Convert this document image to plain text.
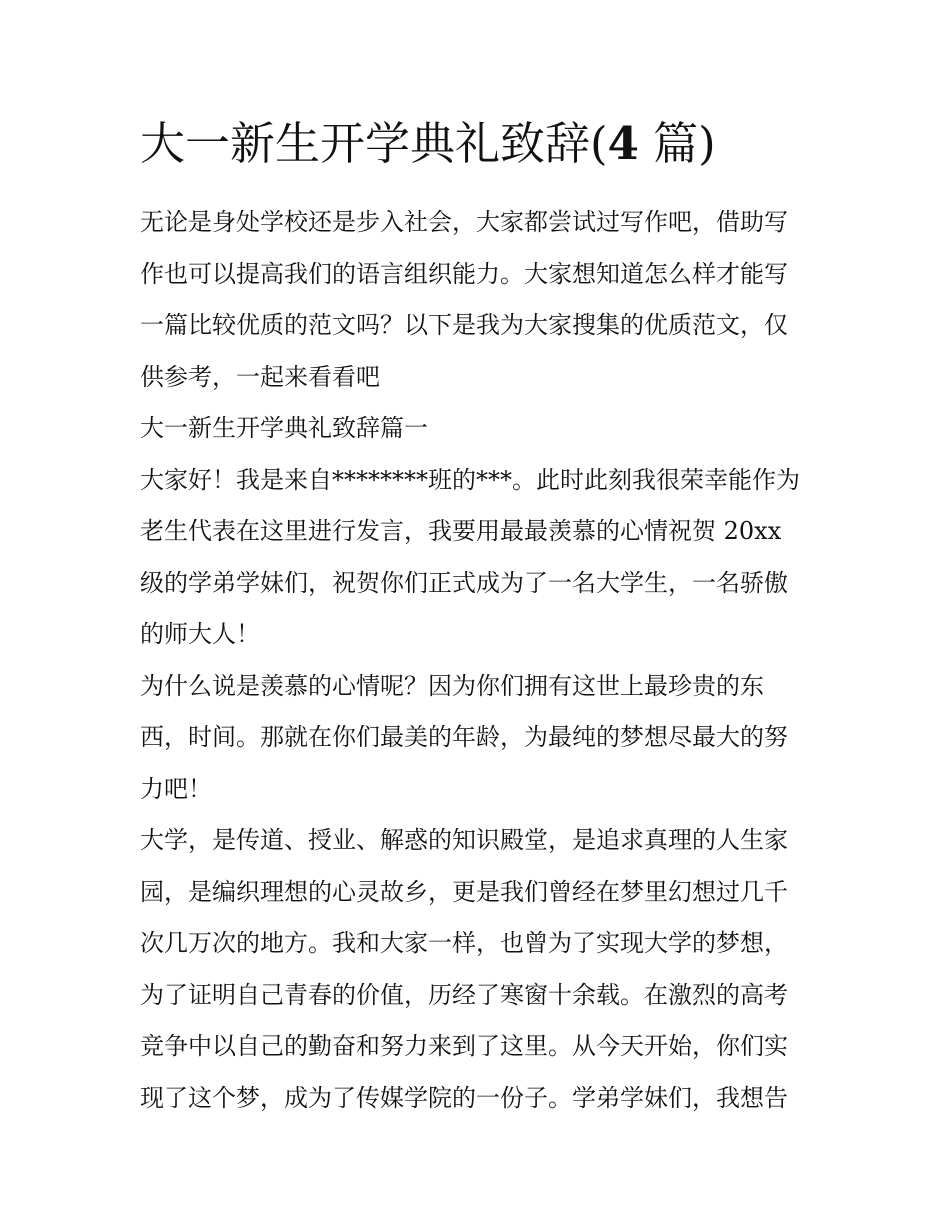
大一新生开学典礼致辞(4 篇)
无论是身处学校还是步入社会，大家都尝试过写作吧，借助写
作也可以提高我们的语言组织能力。大家想知道怎么样才能写
一篇比较优质的范文吗？以下是我为大家搜集的优质范文，仅
供参考，一起来看看吧
大一新生开学典礼致辞篇一
大家好！我是来自********班的***。此时此刻我很荣幸能作为
老生代表在这里进行发言，我要用最最羡慕的心情祝贺 20xx
级的学弟学妹们，祝贺你们正式成为了一名大学生，一名骄傲
的师大人！
为什么说是羡慕的心情呢？因为你们拥有这世上最珍贵的东
西，时间。那就在你们最美的年龄，为最纯的梦想尽最大的努
力吧！
大学，是传道、授业、解惑的知识殿堂，是追求真理的人生家
园，是编织理想的心灵故乡，更是我们曾经在梦里幻想过几千
次几万次的地方。我和大家一样，也曾为了实现大学的梦想，
为了证明自己青春的价值，历经了寒窗十余载。在激烈的高考
竞争中以自己的勤奋和努力来到了这里。从今天开始，你们实
现了这个梦，成为了传媒学院的一份子。学弟学妹们，我想告
